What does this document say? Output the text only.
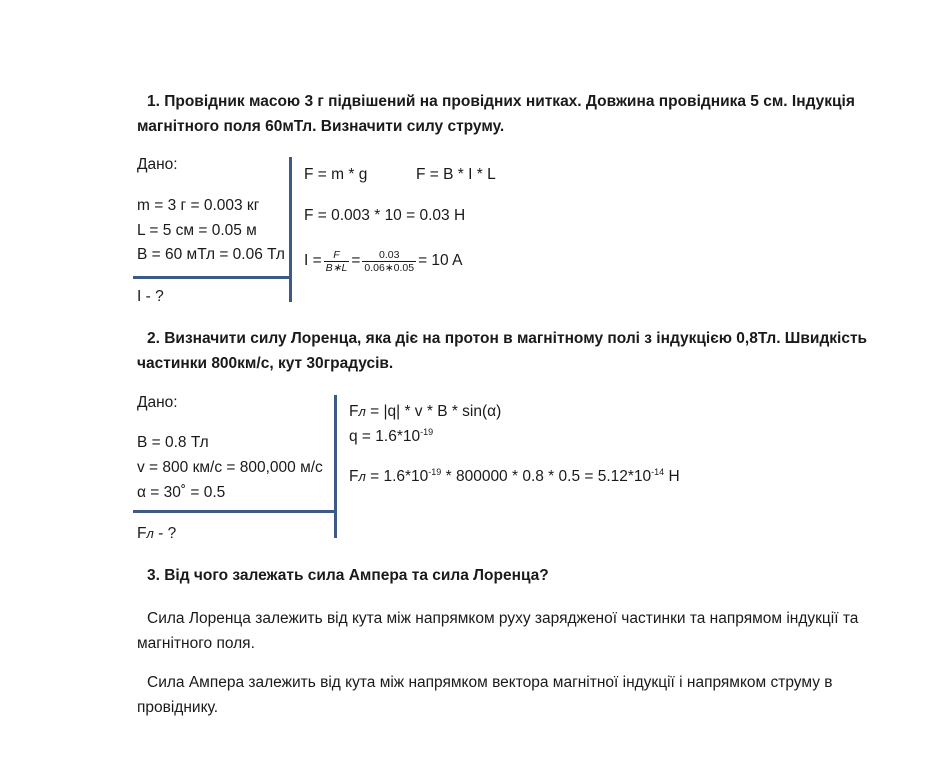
1. Провідник масою 3 г підвішений на провідних нитках. Довжина провідника 5 см. Індукція магнітного поля 60мТл. Визначити силу струму.
Дано:
m = 3 г = 0.003 кг
L = 5 см = 0.05 м
B = 60 мТл = 0.06 Тл
I - ?
F = m * g	F = B * I * L
F = 0.003 * 10 = 0.03 H
$I = \frac{F}{B∗L} = \frac{0.03}{0.06∗0.05} = 10$ A
2. Визначити силу Лоренца, яка діє на протон в магнітному полі з індукцією 0,8Тл. Швидкість частинки 800км/с, кут 30градусів.
Дано:
B = 0.8 Тл
v = 800 км/с = 800,000 м/с
α = 30˚ = 0.5
Fл - ?
Fл = |q| * v * B * sin(α)
$q = 1.6*10^{-19}$
Fл = $1.6*10^{-19} * 800000 * 0.8 * 0.5 = 5.12*10^{-14}$ H
3. Від чого залежать сила Ампера та сила Лоренца?
Сила Лоренца залежить від кута між напрямком руху зарядженої частинки та напрямом індукції та магнітного поля.
Сила Ампера залежить від кута між напрямком вектора магнітної індукції і напрямком струму в провіднику.
